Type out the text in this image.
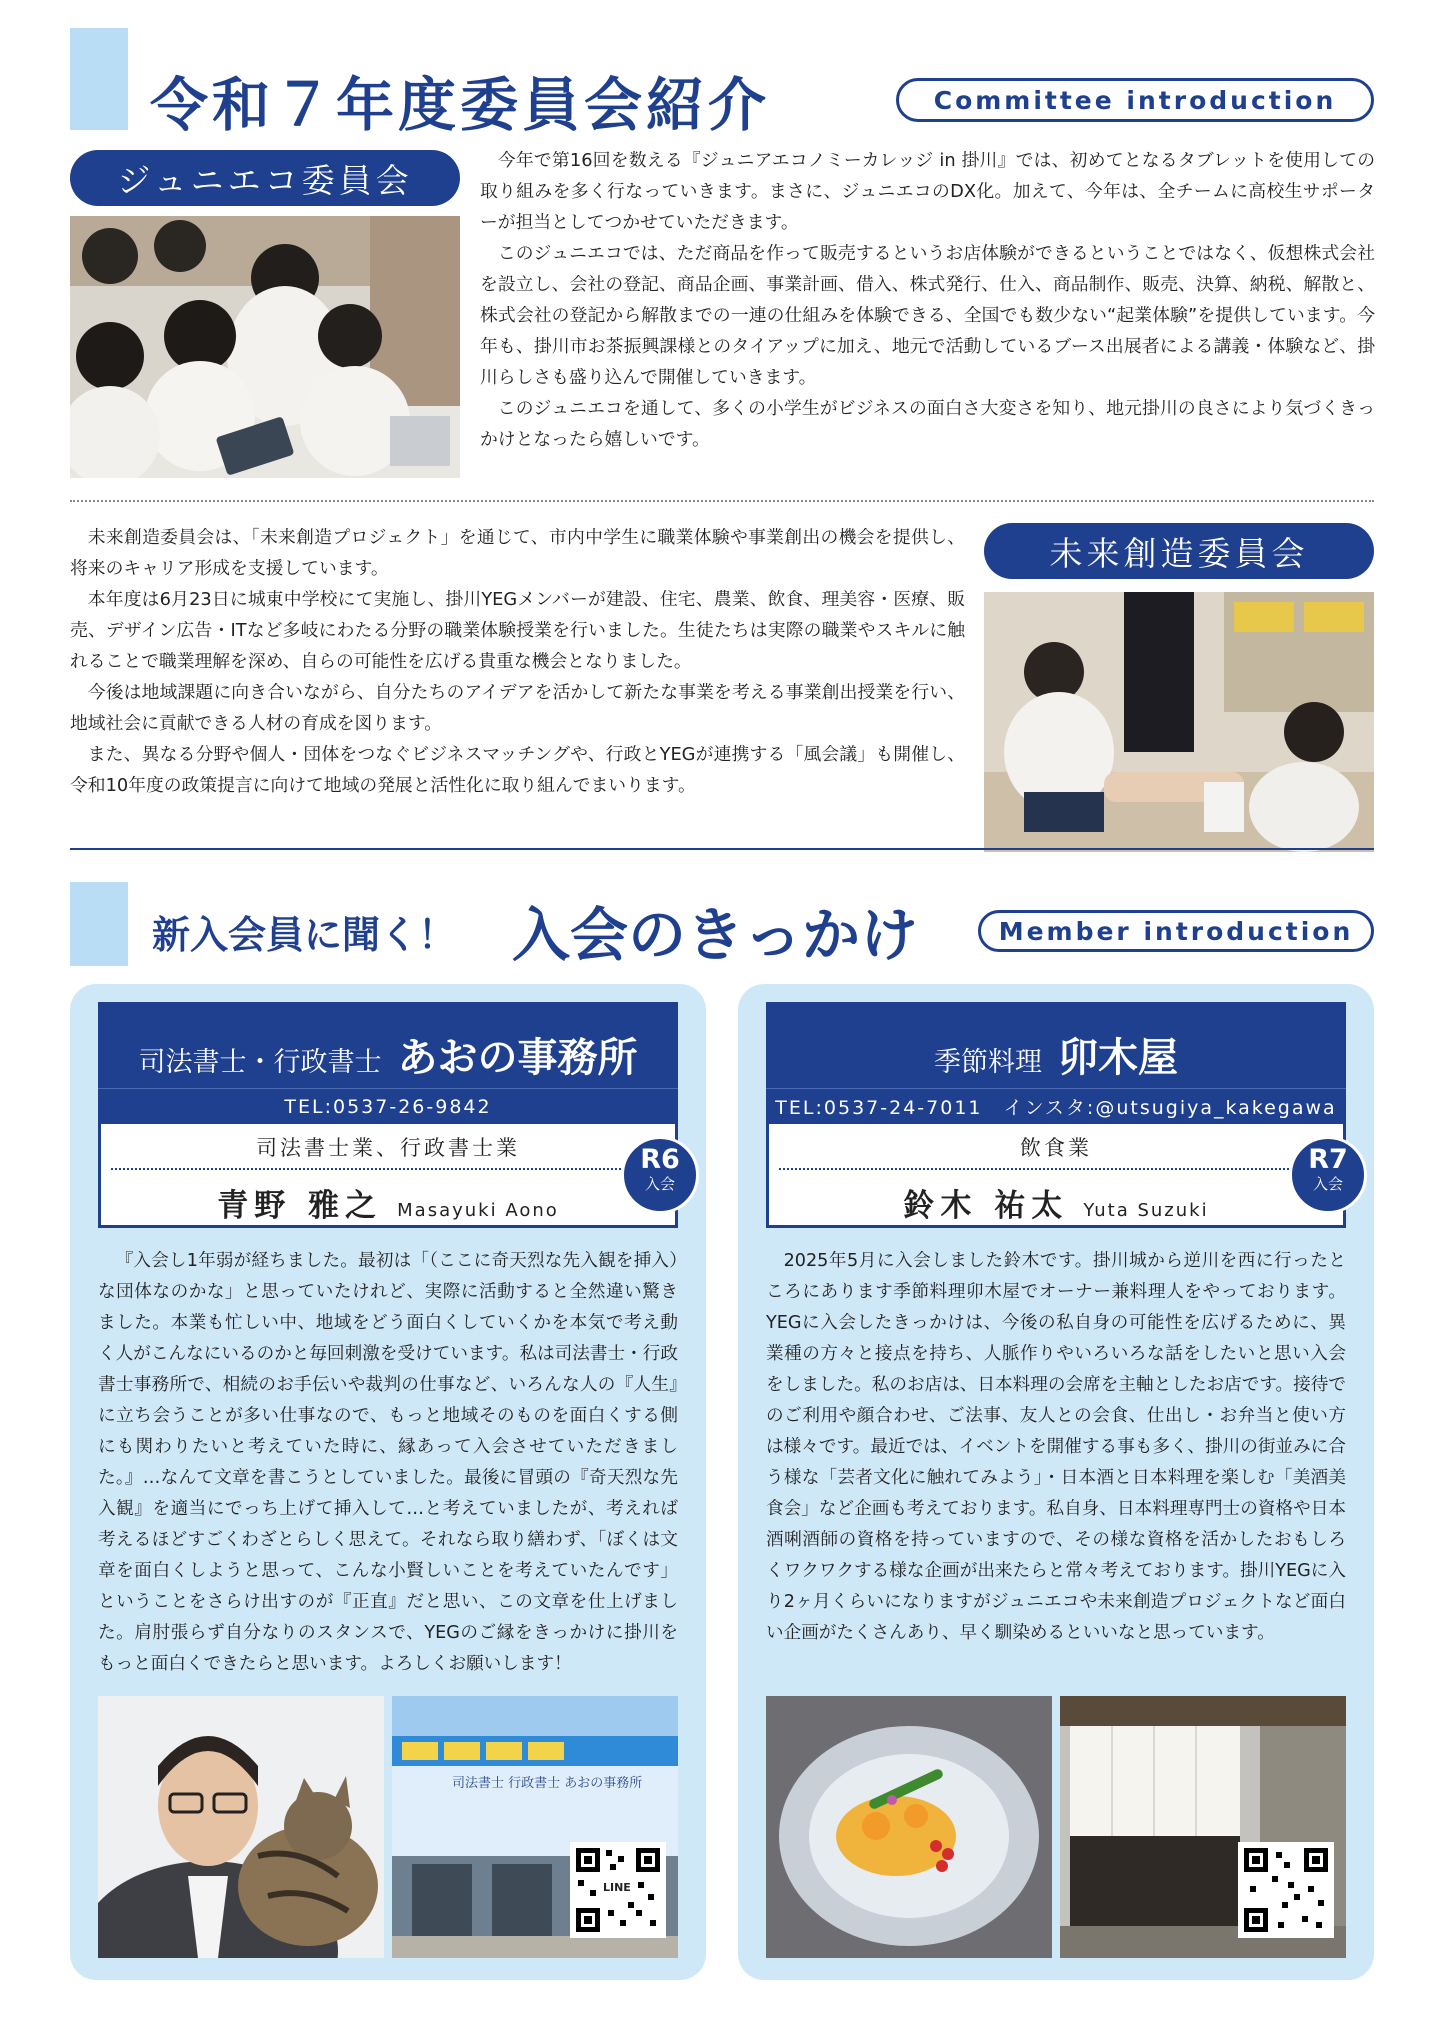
令和７年度委員会紹介	Committee introduction
ジュニエコ委員会	今年で第16回を数える『ジュニアエコノミーカレッジ in 掛川』では、初めてとなるタブレットを使用しての取り組みを多く行なっていきます。まさに、ジュニエコのDX化。加えて、今年は、全チームに高校生サポーターが担当としてつかせていただきます。

このジュニエコでは、ただ商品を作って販売するというお店体験ができるということではなく、仮想株式会社を設立し、会社の登記、商品企画、事業計画、借入、株式発行、仕入、商品制作、販売、決算、納税、解散と、株式会社の登記から解散までの一連の仕組みを体験できる、全国でも数少ない“起業体験”を提供しています。今年も、掛川市お茶振興課様とのタイアップに加え、地元で活動しているブース出展者による講義・体験など、掛川らしさも盛り込んで開催していきます。

このジュニエコを通して、多くの小学生がビジネスの面白さ大変さを知り、地元掛川の良さにより気づくきっかけとなったら嬉しいです。

未来創造委員会は、「未来創造プロジェクト」を通じて、市内中学生に職業体験や事業創出の機会を提供し、将来のキャリア形成を支援しています。

本年度は6月23日に城東中学校にて実施し、掛川YEGメンバーが建設、住宅、農業、飲食、理美容・医療、販売、デザイン広告・ITなど多岐にわたる分野の職業体験授業を行いました。生徒たちは実際の職業やスキルに触れることで職業理解を深め、自らの可能性を広げる貴重な機会となりました。

今後は地域課題に向き合いながら、自分たちのアイデアを活かして新たな事業を考える事業創出授業を行い、地域社会に貢献できる人材の育成を図ります。

また、異なる分野や個人・団体をつなぐビジネスマッチングや、行政とYEGが連携する「風会議」も開催し、令和10年度の政策提言に向けて地域の発展と活性化に取り組んでまいります。

未来創造委員会
新入会員に聞く！ 入会のきっかけ	Member introduction
司法書士・行政書士 あおの事務所
TEL:0537-26-9842
司法書士業、行政書士業
青野 雅之 Masayuki Aono
R6
入会

『入会し1年弱が経ちました。最初は「（ここに奇天烈な先入観を挿入）な団体なのかな」と思っていたけれど、実際に活動すると全然違い驚きました。本業も忙しい中、地域をどう面白くしていくかを本気で考え動く人がこんなにいるのかと毎回刺激を受けています。私は司法書士・行政書士事務所で、相続のお手伝いや裁判の仕事など、いろんな人の『人生』に立ち会うことが多い仕事なので、もっと地域そのものを面白くする側にも関わりたいと考えていた時に、縁あって入会させていただきました。』…なんて文章を書こうとしていました。最後に冒頭の『奇天烈な先入観』を適当にでっち上げて挿入して…と考えていましたが、考えれば考えるほどすごくわざとらしく思えて。それなら取り繕わず、「ぼくは文章を面白くしようと思って、こんな小賢しいことを考えていたんです」ということをさらけ出すのが『正直』だと思い、この文章を仕上げました。肩肘張らず自分なりのスタンスで、YEGのご縁をきっかけに掛川をもっと面白くできたらと思います。よろしくお願いします！

司法書士 行政書士 あおの事務所
LINE
季節料理 卯木屋
TEL:0537-24-7011　インスタ:@utsugiya_kakegawa
飲食業
鈴木 祐太 Yuta Suzuki
R7
入会

2025年5月に入会しました鈴木です。掛川城から逆川を西に行ったところにあります季節料理卯木屋でオーナー兼料理人をやっております。YEGに入会したきっかけは、今後の私自身の可能性を広げるために、異業種の方々と接点を持ち、人脈作りやいろいろな話をしたいと思い入会をしました。私のお店は、日本料理の会席を主軸としたお店です。接待でのご利用や顔合わせ、ご法事、友人との会食、仕出し・お弁当と使い方は様々です。最近では、イベントを開催する事も多く、掛川の街並みに合う様な「芸者文化に触れてみよう」・日本酒と日本料理を楽しむ「美酒美食会」など企画も考えております。私自身、日本料理専門士の資格や日本酒唎酒師の資格を持っていますので、その様な資格を活かしたおもしろくワクワクする様な企画が出来たらと常々考えております。掛川YEGに入り2ヶ月くらいになりますがジュニエコや未来創造プロジェクトなど面白い企画がたくさんあり、早く馴染めるといいなと思っています。
